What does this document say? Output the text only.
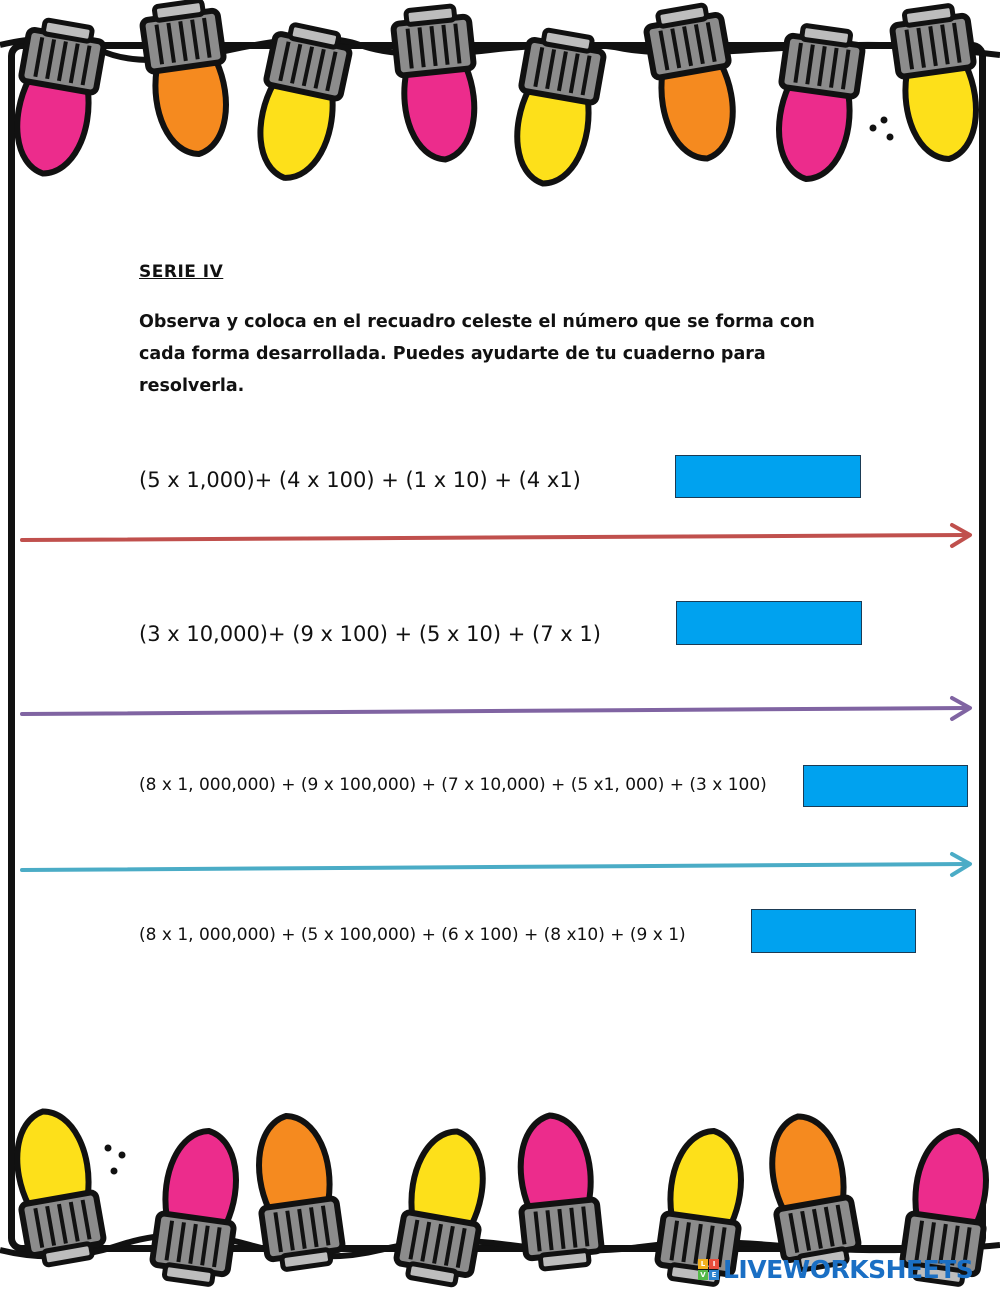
SERIE IV
Observa y coloca en el recuadro celeste el número que se forma con cada forma desarrollada. Puedes ayudarte de tu cuaderno para resolverla.
(5 x 1,000)+ (4 x 100) + (1 x 10) + (4 x1)
(3 x 10,000)+ (9 x 100) + (5 x 10) + (7 x 1)
(8 x 1, 000,000) + (9 x 100,000) + (7 x 10,000) + (5 x1, 000) + (3 x 100)
(8 x 1, 000,000) + (5 x 100,000) + (6 x 100) + (8 x10) + (9 x 1)
L	I
V E LIVEWORKSHEETS
